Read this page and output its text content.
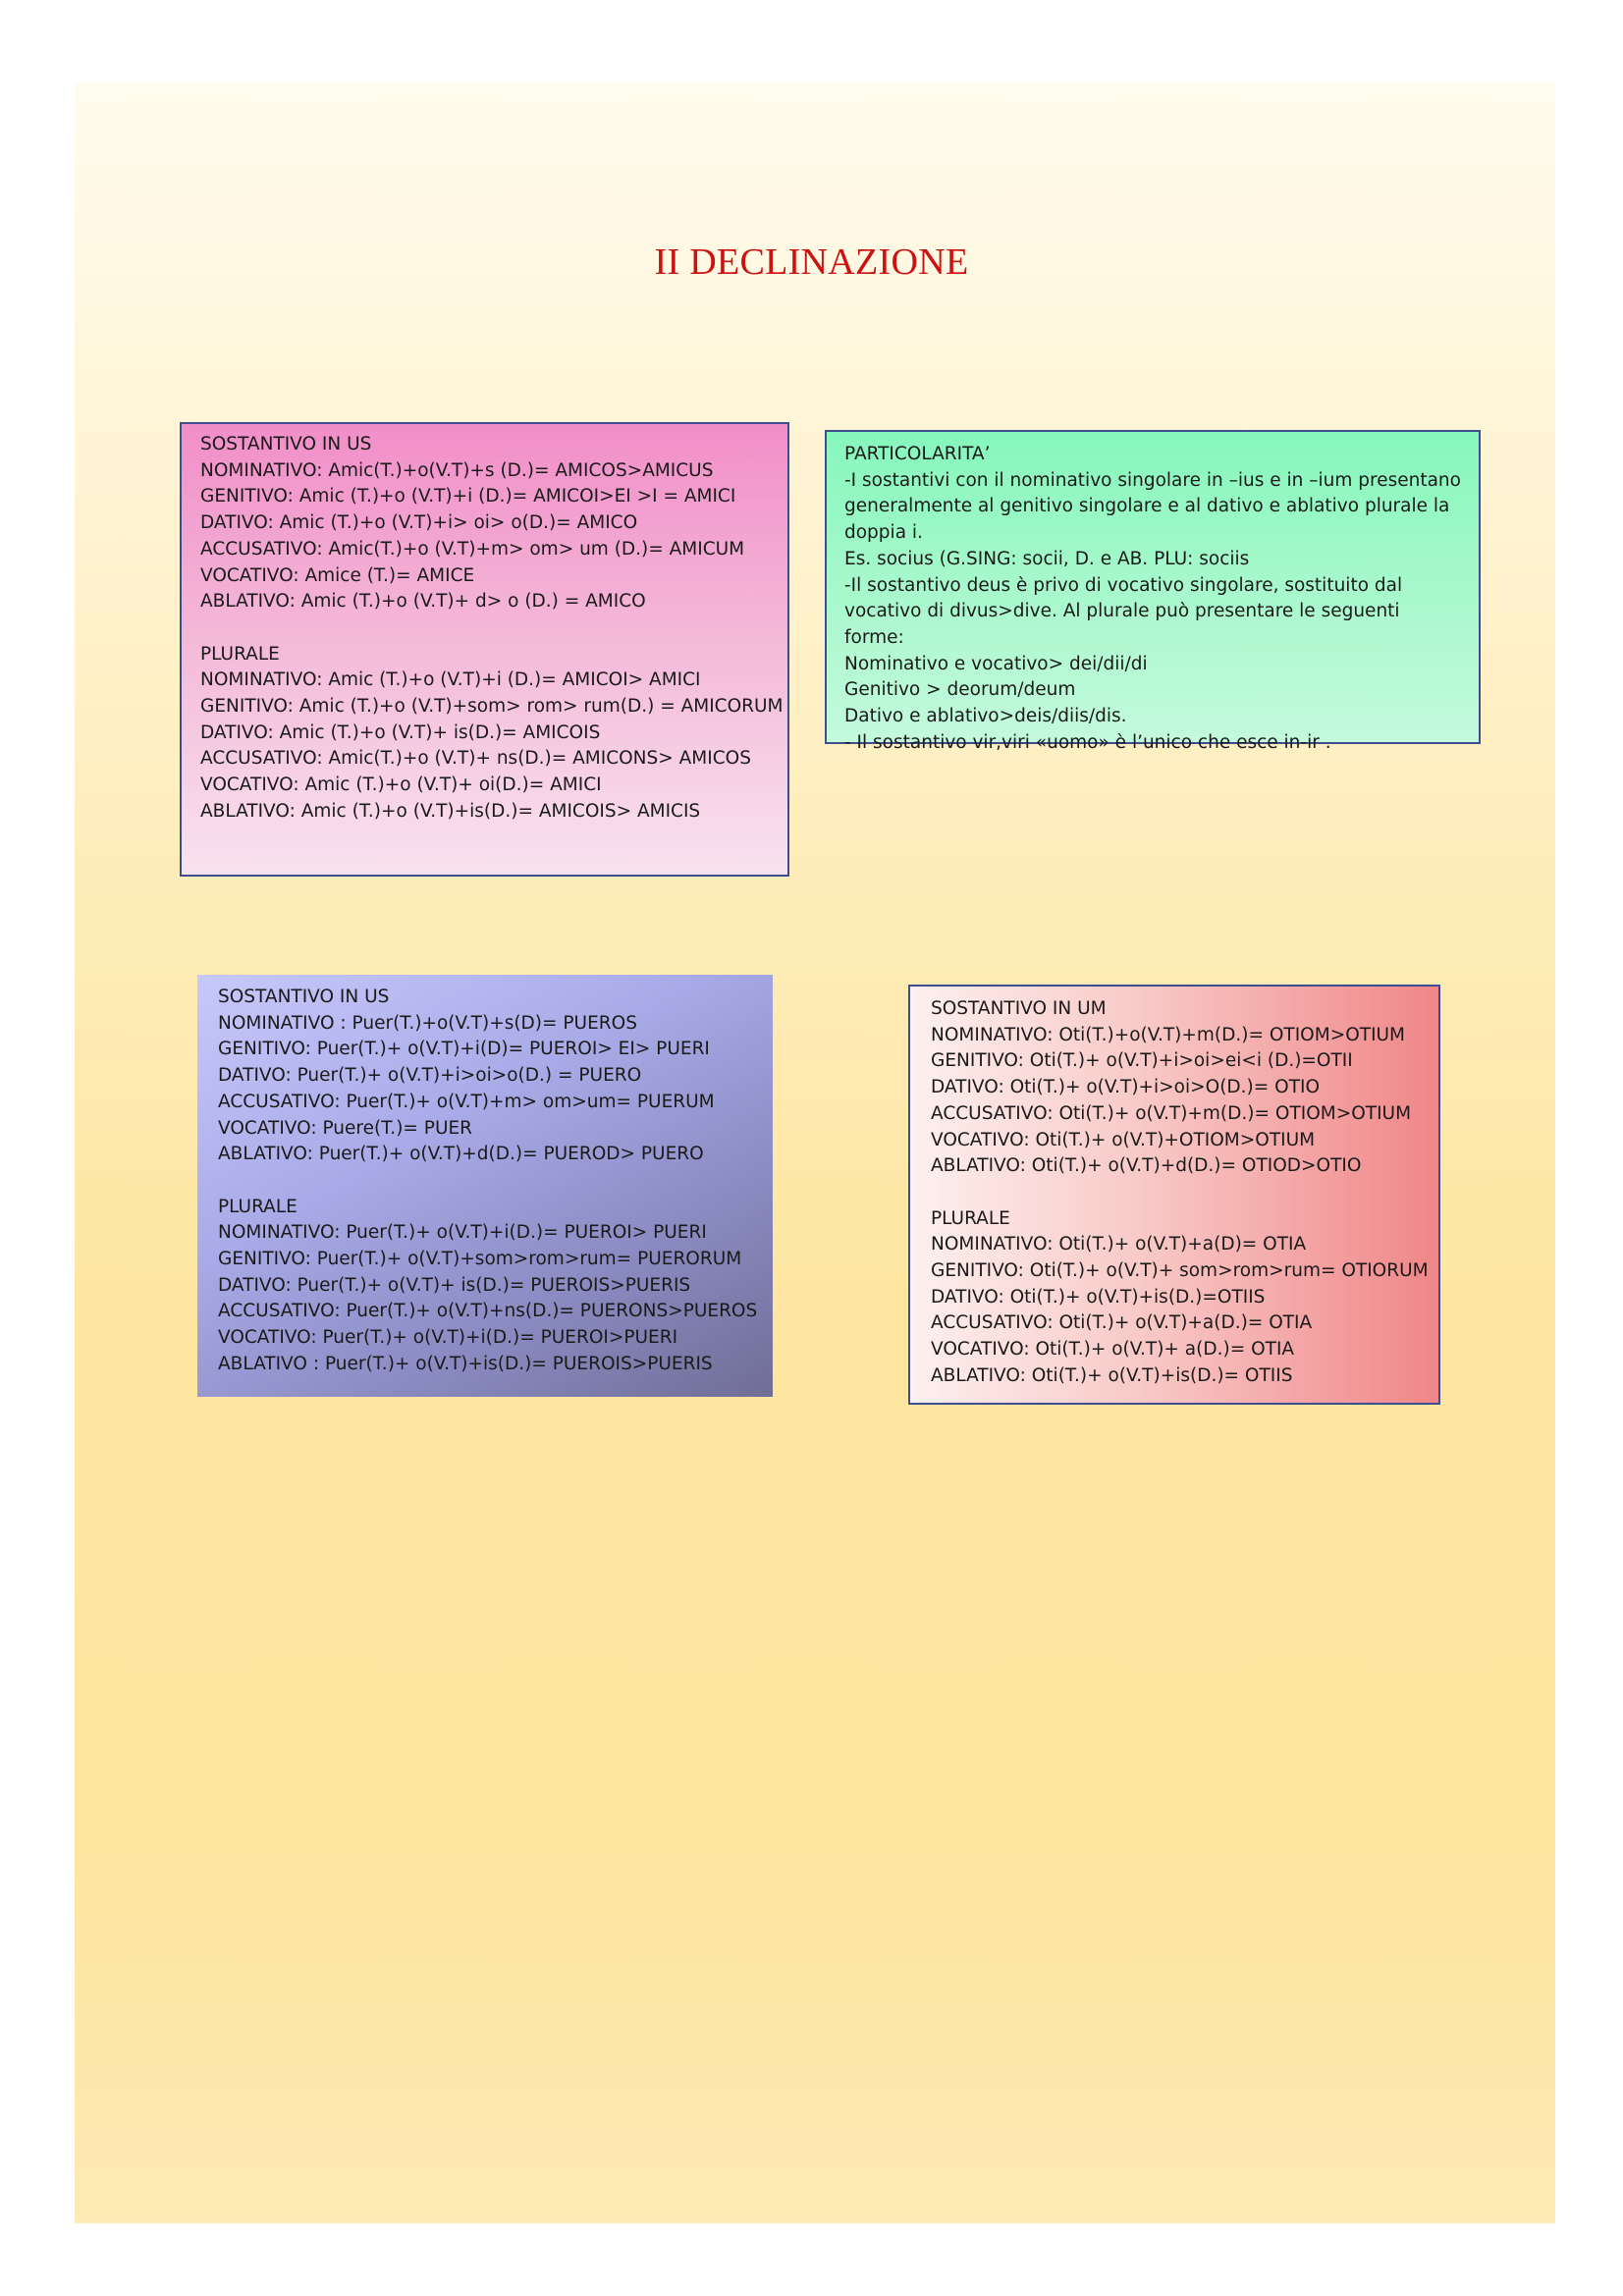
II DECLINAZIONE
SOSTANTIVO IN US
NOMINATIVO: Amic(T.)+o(V.T)+s (D.)= AMICOS>AMICUS
GENITIVO: Amic (T.)+o (V.T)+i (D.)= AMICOI>EI >I = AMICI
DATIVO: Amic (T.)+o (V.T)+i> oi> o(D.)= AMICO
ACCUSATIVO: Amic(T.)+o (V.T)+m> om> um (D.)= AMICUM
VOCATIVO: Amice (T.)= AMICE
ABLATIVO: Amic (T.)+o (V.T)+ d> o (D.) = AMICO
PLURALE
NOMINATIVO: Amic (T.)+o (V.T)+i (D.)= AMICOI> AMICI
GENITIVO: Amic (T.)+o (V.T)+som> rom> rum(D.) = AMICORUM
DATIVO: Amic (T.)+o (V.T)+ is(D.)= AMICOIS
ACCUSATIVO: Amic(T.)+o (V.T)+ ns(D.)= AMICONS> AMICOS
VOCATIVO: Amic (T.)+o (V.T)+ oi(D.)= AMICI
ABLATIVO: Amic (T.)+o (V.T)+is(D.)= AMICOIS> AMICIS
PARTICOLARITA’
-I sostantivi con il nominativo singolare in –ius e in –ium presentano generalmente al genitivo singolare e al dativo e ablativo plurale la doppia i.
Es. socius (G.SING: socii, D. e AB. PLU: sociis
-Il sostantivo deus è privo di vocativo singolare, sostituito dal vocativo di divus>dive. Al plurale può presentare le seguenti forme:
Nominativo e vocativo> dei/dii/di
Genitivo > deorum/deum
Dativo e ablativo>deis/diis/dis.
- Il sostantivo vir,viri «uomo» è l’unico che esce in-ir .
SOSTANTIVO IN US
NOMINATIVO : Puer(T.)+o(V.T)+s(D)= PUEROS
GENITIVO: Puer(T.)+ o(V.T)+i(D)= PUEROI> EI> PUERI
DATIVO: Puer(T.)+ o(V.T)+i>oi>o(D.) = PUERO
ACCUSATIVO: Puer(T.)+ o(V.T)+m> om>um= PUERUM
VOCATIVO: Puere(T.)= PUER
ABLATIVO: Puer(T.)+ o(V.T)+d(D.)= PUEROD> PUERO
PLURALE
NOMINATIVO: Puer(T.)+ o(V.T)+i(D.)= PUEROI> PUERI
GENITIVO: Puer(T.)+ o(V.T)+som>rom>rum= PUERORUM
DATIVO: Puer(T.)+ o(V.T)+ is(D.)= PUEROIS>PUERIS
ACCUSATIVO: Puer(T.)+ o(V.T)+ns(D.)= PUERONS>PUEROS
VOCATIVO: Puer(T.)+ o(V.T)+i(D.)= PUEROI>PUERI
ABLATIVO : Puer(T.)+ o(V.T)+is(D.)= PUEROIS>PUERIS
SOSTANTIVO IN UM
NOMINATIVO: Oti(T.)+o(V.T)+m(D.)= OTIOM>OTIUM
GENITIVO: Oti(T.)+ o(V.T)+i>oi>ei<i (D.)=OTII
DATIVO: Oti(T.)+ o(V.T)+i>oi>O(D.)= OTIO
ACCUSATIVO: Oti(T.)+ o(V.T)+m(D.)= OTIOM>OTIUM
VOCATIVO: Oti(T.)+ o(V.T)+OTIOM>OTIUM
ABLATIVO: Oti(T.)+ o(V.T)+d(D.)= OTIOD>OTIO
PLURALE
NOMINATIVO: Oti(T.)+ o(V.T)+a(D)= OTIA
GENITIVO: Oti(T.)+ o(V.T)+ som>rom>rum= OTIORUM
DATIVO: Oti(T.)+ o(V.T)+is(D.)=OTIIS
ACCUSATIVO: Oti(T.)+ o(V.T)+a(D.)= OTIA
VOCATIVO: Oti(T.)+ o(V.T)+ a(D.)= OTIA
ABLATIVO: Oti(T.)+ o(V.T)+is(D.)= OTIIS
